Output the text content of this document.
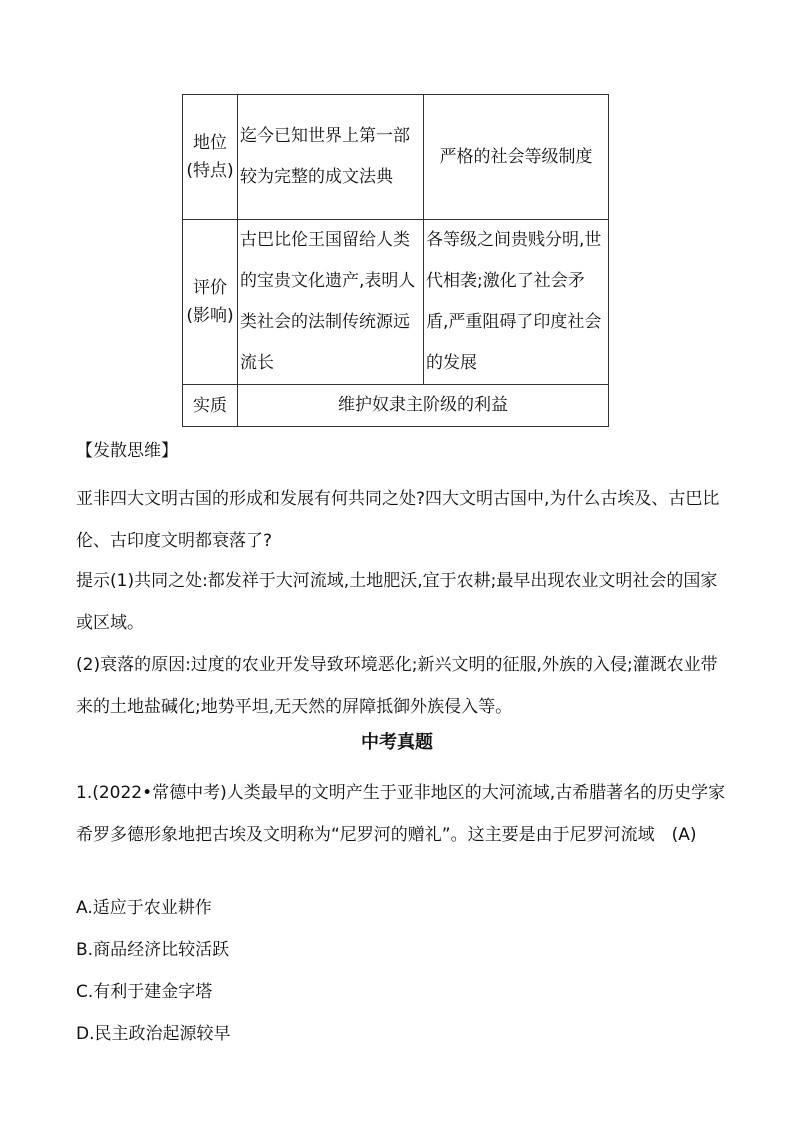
地位
(特点)	迄今已知世界上第一部较为完整的成文法典	严格的社会等级制度

评价
(影响)	古巴比伦王国留给人类的宝贵文化遗产,表明人类社会的法制传统源远流长	各等级之间贵贱分明,世代相袭;激化了社会矛盾,严重阻碍了印度社会的发展
实质	维护奴隶主阶级的利益	
【发散思维】
亚非四大文明古国的形成和发展有何共同之处?四大文明古国中,为什么古埃及、古巴比伦、古印度文明都衰落了?
提示(1)共同之处:都发祥于大河流域,土地肥沃,宜于农耕;最早出现农业文明社会的国家或区域。
(2)衰落的原因:过度的农业开发导致环境恶化;新兴文明的征服,外族的入侵;灌溉农业带来的土地盐碱化;地势平坦,无天然的屏障抵御外族侵入等。
中考真题
1.(2022•常德中考)人类最早的文明产生于亚非地区的大河流域,古希腊著名的历史学家希罗多德形象地把古埃及文明称为“尼罗河的赠礼”。这主要是由于尼罗河流域　(A)
A.适应于农业耕作
B.商品经济比较活跃
C.有利于建金字塔
D.民主政治起源较早
